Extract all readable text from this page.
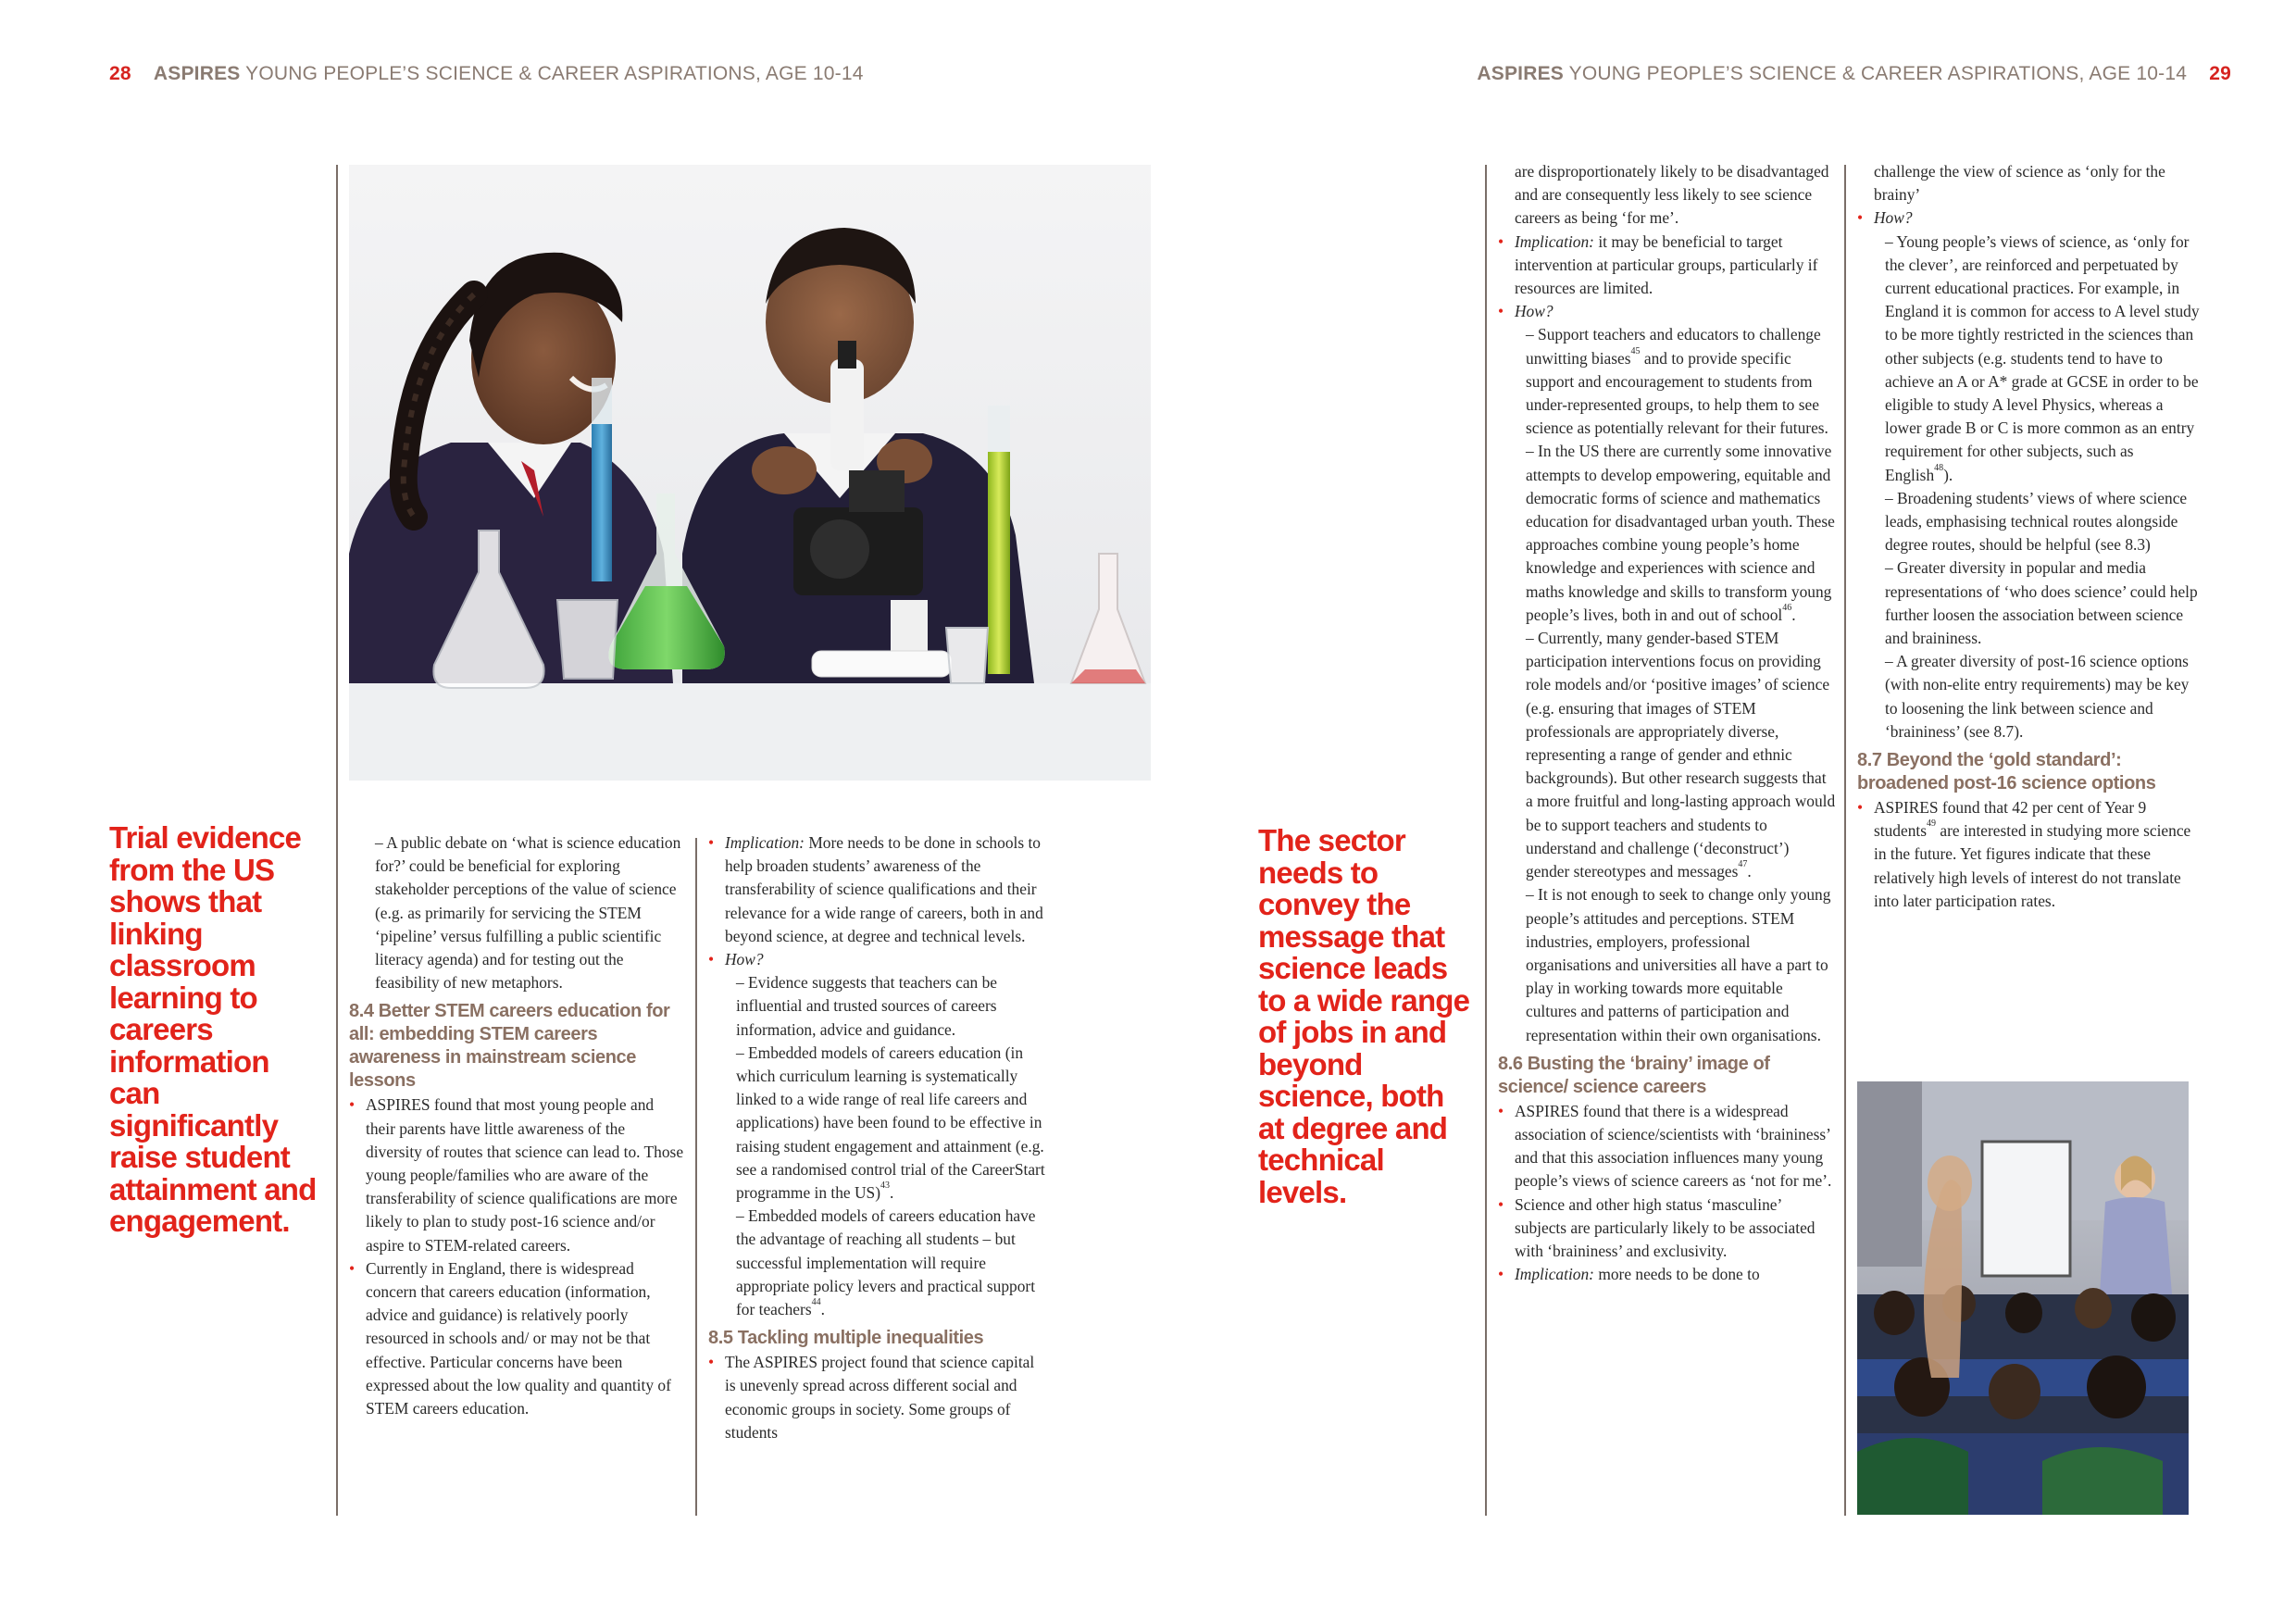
28 ASPIRES YOUNG PEOPLE’S SCIENCE & CAREER ASPIRATIONS, AGE 10-14	ASPIRES YOUNG PEOPLE’S SCIENCE & CAREER ASPIRATIONS, AGE 10-14    29
Trial evidence from the US shows that linking classroom learning to careers information can significantly raise student attainment and engagement.
The sector needs to convey the message that science leads to a wide range of jobs in and beyond science, both at degree and technical levels.

– A public debate on ‘what is science education for?’ could be beneficial for exploring stakeholder perceptions of the value of science (e.g. as primarily for servicing the STEM ‘pipeline’ versus fulfilling a public scientific literacy agenda) and for testing out the feasibility of new metaphors.

8.4 Better STEM careers education for all: embedding STEM careers awareness in mainstream science lessons

• ASPIRES found that most young people and their parents have little awareness of the diversity of routes that science can lead to. Those young people/families who are aware of the transferability of science qualifications are more likely to plan to study post-16 science and/or aspire to STEM-related careers.

• Currently in England, there is widespread concern that careers education (information, advice and guidance) is relatively poorly resourced in schools and/ or may not be that effective. Particular concerns have been expressed about the low quality and quantity of STEM careers education.

• Implication: More needs to be done in schools to help broaden students’ awareness of the transferability of science qualifications and their relevance for a wide range of careers, both in and beyond science, at degree and technical levels.

• How?

– Evidence suggests that teachers can be influential and trusted sources of careers information, advice and guidance.

– Embedded models of careers education (in which curriculum learning is systematically linked to a wide range of real life careers and applications) have been found to be effective in raising student engagement and attainment (e.g. see a randomised control trial of the CareerStart programme in the US)$^{43}$.

– Embedded models of careers education have the advantage of reaching all students – but successful implementation will require appropriate policy levers and practical support for teachers$^{44}$.

8.5 Tackling multiple inequalities

• The ASPIRES project found that science capital is unevenly spread across different social and economic groups in society. Some groups of students

are disproportionately likely to be disadvantaged and are consequently less likely to see science careers as being ‘for me’.

• Implication: it may be beneficial to target intervention at particular groups, particularly if resources are limited.

• How?

– Support teachers and educators to challenge unwitting biases$^{45}$ and to provide specific support and encouragement to students from under-represented groups, to help them to see science as potentially relevant for their futures.

– In the US there are currently some innovative attempts to develop empowering, equitable and democratic forms of science and mathematics education for disadvantaged urban youth. These approaches combine young people’s home knowledge and experiences with science and maths knowledge and skills to transform young people’s lives, both in and out of school$^{46}$.

– Currently, many gender-based STEM participation interventions focus on providing role models and/or ‘positive images’ of science (e.g. ensuring that images of STEM professionals are appropriately diverse, representing a range of gender and ethnic backgrounds). But other research suggests that a more fruitful and long-lasting approach would be to support teachers and students to understand and challenge (‘deconstruct’) gender stereotypes and messages$^{47}$.

– It is not enough to seek to change only young people’s attitudes and perceptions. STEM industries, employers, professional organisations and universities all have a part to play in working towards more equitable cultures and patterns of participation and representation within their own organisations.

8.6 Busting the ‘brainy’ image of science/ science careers

• ASPIRES found that there is a widespread association of science/scientists with ‘braininess’ and that this association influences many young people’s views of science careers as ‘not for me’.

• Science and other high status ‘masculine’ subjects are particularly likely to be associated with ‘braininess’ and exclusivity.

• Implication: more needs to be done to

challenge the view of science as ‘only for the brainy’

• How?

– Young people’s views of science, as ‘only for the clever’, are reinforced and perpetuated by current educational practices. For example, in England it is common for access to A level study to be more tightly restricted in the sciences than other subjects (e.g. students tend to have to achieve an A or A* grade at GCSE in order to be eligible to study A level Physics, whereas a lower grade B or C is more common as an entry requirement for other subjects, such as English$^{48}$).

– Broadening students’ views of where science leads, emphasising technical routes alongside degree routes, should be helpful (see 8.3)

– Greater diversity in popular and media representations of ‘who does science’ could help further loosen the association between science and braininess.

– A greater diversity of post-16 science options (with non-elite entry requirements) may be key to loosening the link between science and ‘braininess’ (see 8.7).

8.7 Beyond the ‘gold standard’: broadened post-16 science options

• ASPIRES found that 42 per cent of Year 9 students$^{49}$ are interested in studying more science in the future. Yet figures indicate that these relatively high levels of interest do not translate into later participation rates.
